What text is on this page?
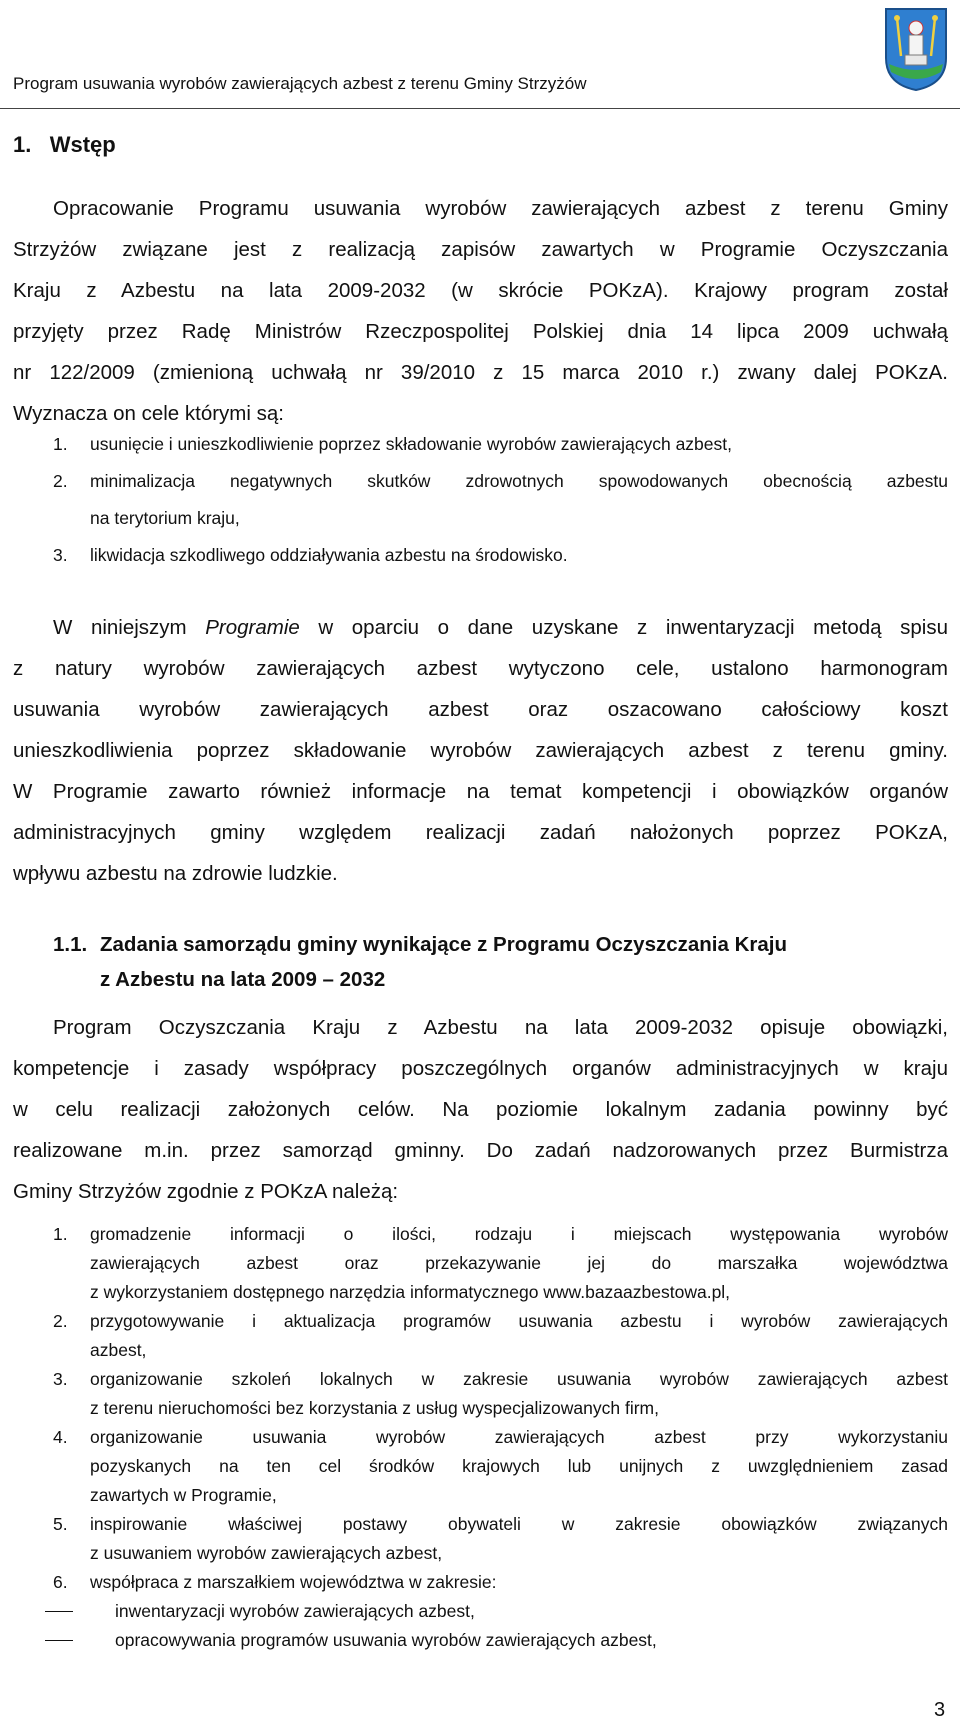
Program usuwania wyrobów zawierających azbest z terenu Gminy Strzyżów
1. Wstęp
Opracowanie Programu usuwania wyrobów zawierających azbest z terenu Gminy
Strzyżów związane jest z realizacją zapisów zawartych w Programie Oczyszczania
Kraju z Azbestu na lata 2009-2032 (w skrócie POKzA). Krajowy program został
przyjęty przez Radę Ministrów Rzeczpospolitej Polskiej dnia 14 lipca 2009 uchwałą
nr 122/2009 (zmienioną uchwałą nr 39/2010 z 15 marca 2010 r.) zwany dalej POKzA.
Wyznacza on cele którymi są:
1. usunięcie i unieszkodliwienie poprzez składowanie wyrobów zawierających azbest,
2. minimalizacja negatywnych skutków zdrowotnych spowodowanych obecnością azbestu
na terytorium kraju,
3. likwidacja szkodliwego oddziaływania azbestu na środowisko.
W niniejszym Programie w oparciu o dane uzyskane z inwentaryzacji metodą spisu
z natury wyrobów zawierających azbest wytyczono cele, ustalono harmonogram
usuwania wyrobów zawierających azbest oraz oszacowano całościowy koszt
unieszkodliwienia poprzez składowanie wyrobów zawierających azbest z terenu gminy.
W Programie zawarto również informacje na temat kompetencji i obowiązków organów
administracyjnych gminy względem realizacji zadań nałożonych poprzez POKzA,
wpływu azbestu na zdrowie ludzkie.
1.1. Zadania samorządu gminy wynikające z Programu Oczyszczania Kraju
z Azbestu na lata 2009 – 2032
Program Oczyszczania Kraju z Azbestu na lata 2009-2032 opisuje obowiązki,
kompetencje i zasady współpracy poszczególnych organów administracyjnych w kraju
w celu realizacji założonych celów. Na poziomie lokalnym zadania powinny być
realizowane m.in. przez samorząd gminny. Do zadań nadzorowanych przez Burmistrza
Gminy Strzyżów zgodnie z POKzA należą:
1. gromadzenie informacji o ilości, rodzaju i miejscach występowania wyrobów
zawierających azbest oraz przekazywanie jej do marszałka województwa
z wykorzystaniem dostępnego narzędzia informatycznego www.bazaazbestowa.pl,
2. przygotowywanie i aktualizacja programów usuwania azbestu i wyrobów zawierających
azbest,
3. organizowanie szkoleń lokalnych w zakresie usuwania wyrobów zawierających azbest
z terenu nieruchomości bez korzystania z usług wyspecjalizowanych firm,
4. organizowanie usuwania wyrobów zawierających azbest przy wykorzystaniu
pozyskanych na ten cel środków krajowych lub unijnych z uwzględnieniem zasad
zawartych w Programie,
5. inspirowanie właściwej postawy obywateli w zakresie obowiązków związanych
z usuwaniem wyrobów zawierających azbest,
6. współpraca z marszałkiem województwa w zakresie:
inwentaryzacji wyrobów zawierających azbest,
opracowywania programów usuwania wyrobów zawierających azbest,
3
